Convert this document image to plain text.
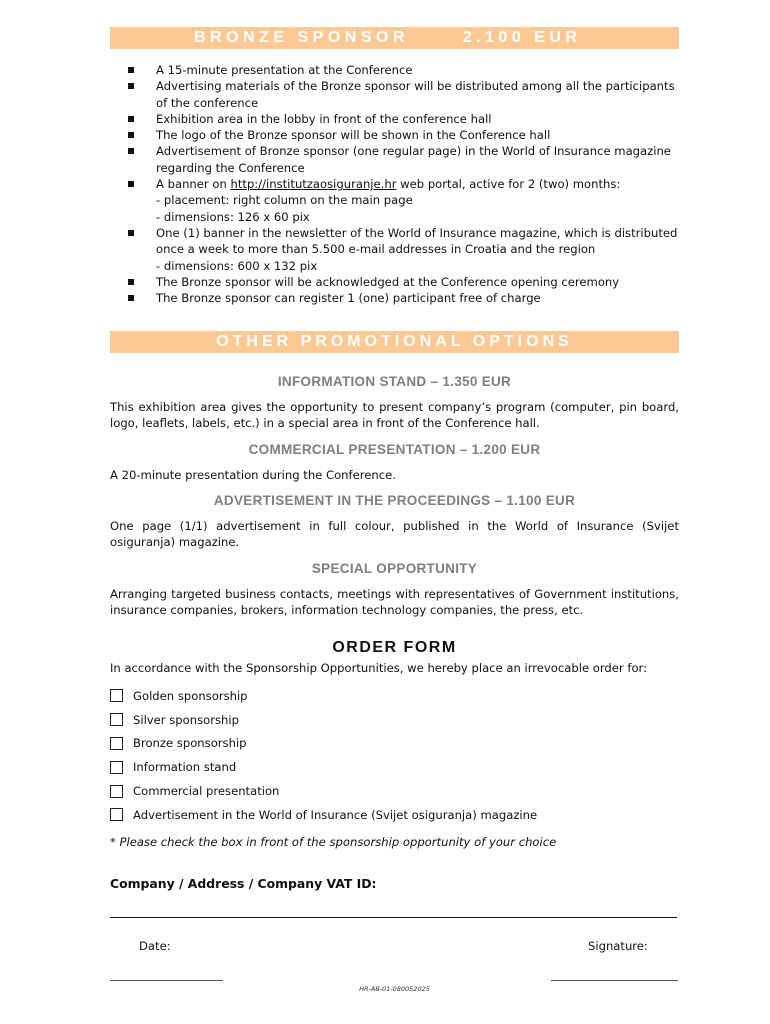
BRONZE SPONSOR      2.100 EUR
A 15-minute presentation at the Conference
Advertising materials of the Bronze sponsor will be distributed among all the participants of the conference
Exhibition area in the lobby in front of the conference hall
The logo of the Bronze sponsor will be shown in the Conference hall
Advertisement of Bronze sponsor (one regular page) in the World of Insurance magazine regarding the Conference
A banner on http://institutzaosiguranje.hr web portal, active for 2 (two) months:
- placement: right column on the main page
- dimensions: 126 x 60 pix
One (1) banner in the newsletter of the World of Insurance magazine, which is distributed once a week to more than 5.500 e-mail addresses in Croatia and the region
- dimensions: 600 x 132 pix
The Bronze sponsor will be acknowledged at the Conference opening ceremony
The Bronze sponsor can register 1 (one) participant free of charge
OTHER PROMOTIONAL OPTIONS
INFORMATION STAND – 1.350 EUR
This exhibition area gives the opportunity to present company’s program (computer, pin board, logo, leaflets, labels, etc.) in a special area in front of the Conference hall.
COMMERCIAL PRESENTATION – 1.200 EUR
A 20-minute presentation during the Conference.
ADVERTISEMENT IN THE PROCEEDINGS – 1.100 EUR
One page (1/1) advertisement in full colour, published in the World of Insurance (Svijet osiguranja) magazine.
SPECIAL OPPORTUNITY
Arranging targeted business contacts, meetings with representatives of Government institutions, insurance companies, brokers, information technology companies, the press, etc.
ORDER FORM
In accordance with the Sponsorship Opportunities, we hereby place an irrevocable order for:
Golden sponsorship
Silver sponsorship
Bronze sponsorship
Information stand
Commercial presentation
Advertisement in the World of Insurance (Svijet osiguranja) magazine
* Please check the box in front of the sponsorship opportunity of your choice
Company / Address / Company VAT ID:
Date:	Signature:
HR-AB-01-080052025
